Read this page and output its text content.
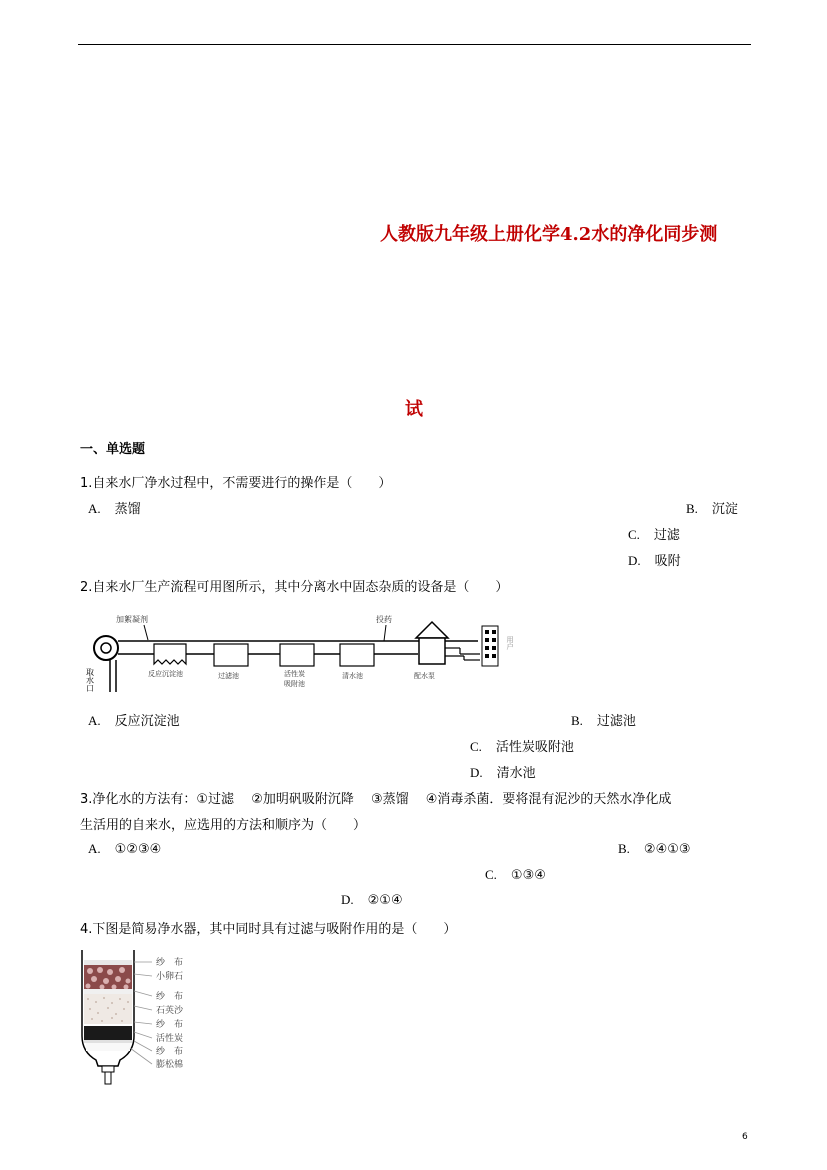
人教版九年级上册化学4.2水的净化同步测
试
一、单选题
1.自来水厂净水过程中，不需要进行的操作是（　　）
A. 蒸馏	B. 沉淀
C. 过滤
D. 吸附
2.自来水厂生产流程可用图所示，其中分离水中固态杂质的设备是（　　）
取水口
加絮凝剂
反应沉淀池	过滤池	活性炭
吸附池
清水池
投药
配水泵
用户
A. 反应沉淀池	B. 过滤池
C. 活性炭吸附池
D. 清水池
3.净化水的方法有：①过滤　 ②加明矾吸附沉降　 ③蒸馏　 ④消毒杀菌．要将混有泥沙的天然水净化成
生活用的自来水，应选用的方法和顺序为（　　）
A. ①②③④	B. ②④①③
C. ①③④
D. ②①④
4.下图是简易净水器，其中同时具有过滤与吸附作用的是（　　）
纱　布
小卵石
纱　布
石英沙
纱　布
活性炭
纱　布
膨松棉
6
